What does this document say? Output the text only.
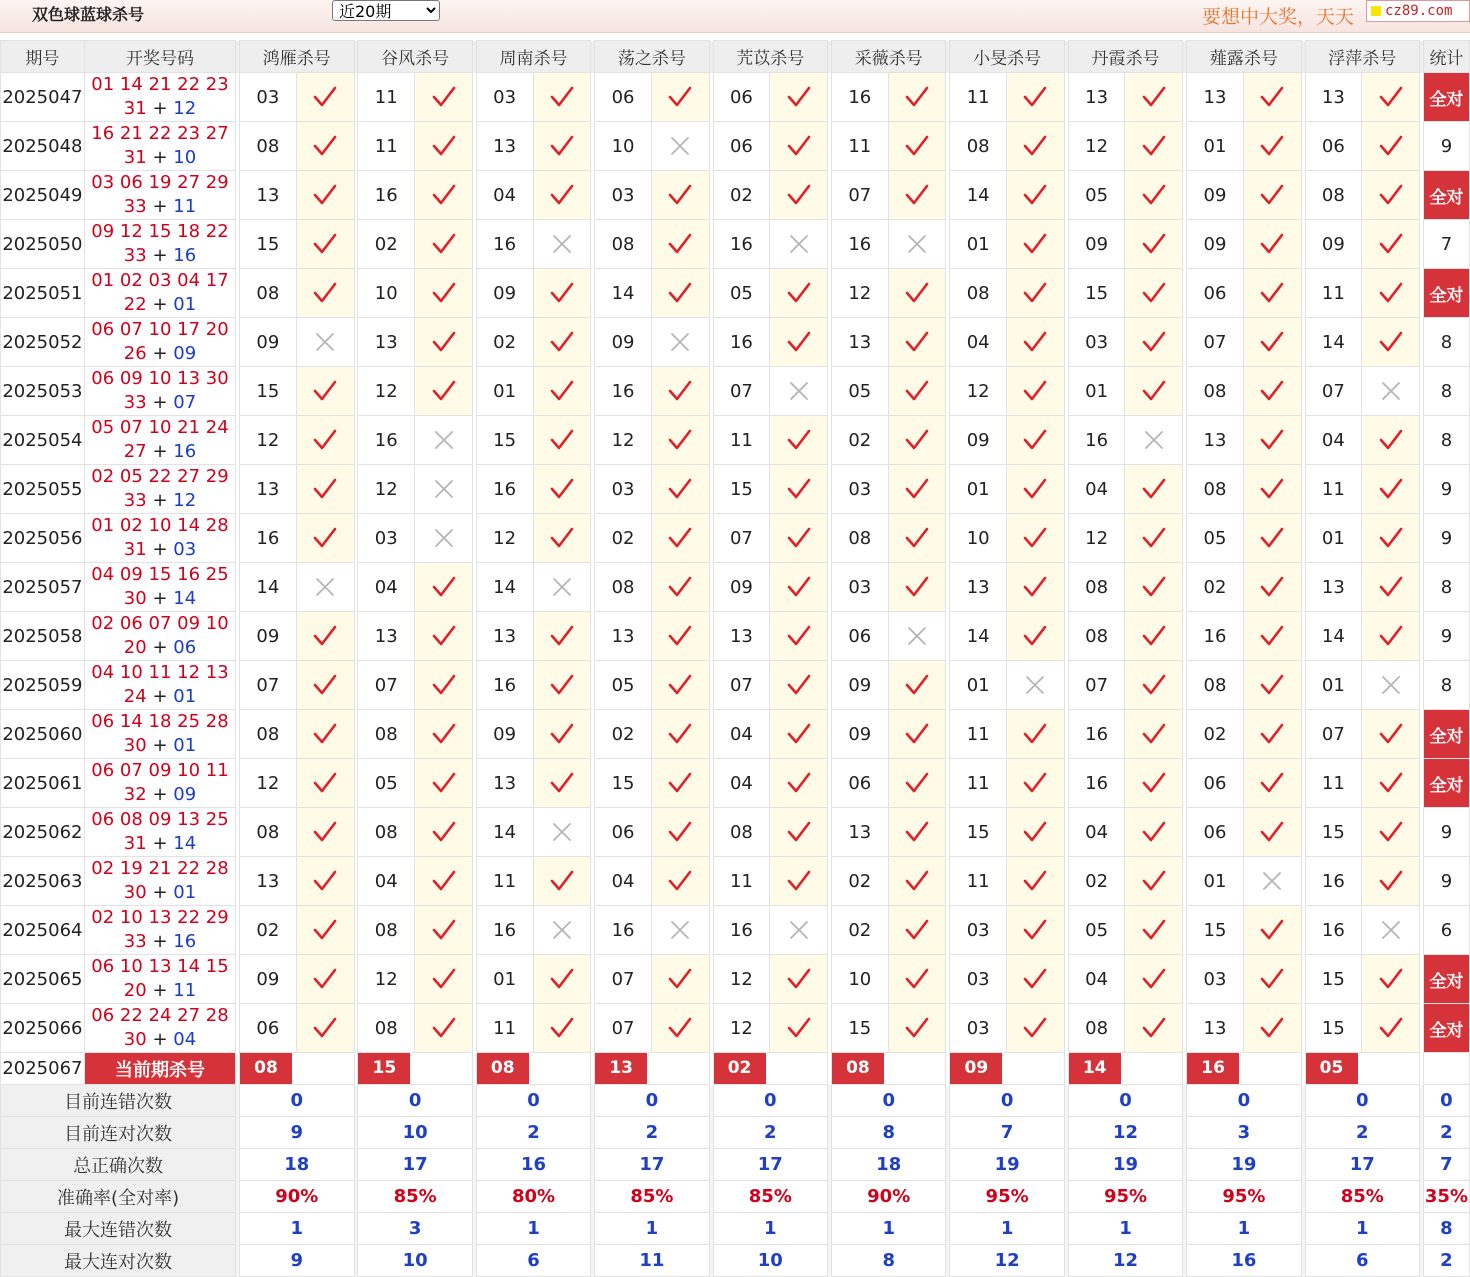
双色球蓝球杀号
近20期	要想中大奖，天天	cz89.com
期号	开奖号码		鸿雁杀号			谷风杀号			周南杀号			荡之杀号			苀苡杀号			采薇杀号			小旻杀号			丹霞杀号			薤露杀号			浮萍杀号			统计
2025047	01 14 21 22 23
31 + 12		03			11			03			06			06			16			11			13			13			13			全对
2025048	16 21 22 23 27
31 + 10		08			11			13			10			06			11			08			12			01			06			9
2025049	03 06 19 27 29
33 + 11		13			16			04			03			02			07			14			05			09			08			全对
2025050	09 12 15 18 22
33 + 16		15			02			16			08			16			16			01			09			09			09			7
2025051	01 02 03 04 17
22 + 01		08			10			09			14			05			12			08			15			06			11			全对
2025052	06 07 10 17 20
26 + 09		09			13			02			09			16			13			04			03			07			14			8
2025053	06 09 10 13 30
33 + 07		15			12			01			16			07			05			12			01			08			07			8
2025054	05 07 10 21 24
27 + 16		12			16			15			12			11			02			09			16			13			04			8
2025055	02 05 22 27 29
33 + 12		13			12			16			03			15			03			01			04			08			11			9
2025056	01 02 10 14 28
31 + 03		16			03			12			02			07			08			10			12			05			01			9
2025057	04 09 15 16 25
30 + 14		14			04			14			08			09			03			13			08			02			13			8
2025058	02 06 07 09 10
20 + 06		09			13			13			13			13			06			14			08			16			14			9
2025059	04 10 11 12 13
24 + 01		07			07			16			05			07			09			01			07			08			01			8
2025060	06 14 18 25 28
30 + 01		08			08			09			02			04			09			11			16			02			07			全对
2025061	06 07 09 10 11
32 + 09		12			05			13			15			04			06			11			16			06			11			全对
2025062	06 08 09 13 25
31 + 14		08			08			14			06			08			13			15			04			06			15			9
2025063	02 19 21 22 28
30 + 01		13			04			11			04			11			02			11			02			01			16			9
2025064	02 10 13 22 29
33 + 16		02			08			16			16			16			02			03			05			15			16			6
2025065	06 10 13 14 15
20 + 11		09			12			01			07			12			10			03			04			03			15			全对
2025066	06 22 24 27 28
30 + 04		06			08			11			07			12			15			03			08			13			15			全对
2025067	当前期杀号		08			15			08			13			02			08			09			14			16			05			
目前连错次数			0			0			0			0			0			0			0			0			0			0			0
目前连对次数			9			10			2			2			2			8			7			12			3			2			2
总正确次数			18			17			16			17			17			18			19			19			19			17			7
准确率(全对率)			90%			85%			80%			85%			85%			90%			95%			95%			95%			85%			35%
最大连错次数			1			3			1			1			1			1			1			1			1			1			8
最大连对次数			9			10			6			11			10			8			12			12			16			6			2
